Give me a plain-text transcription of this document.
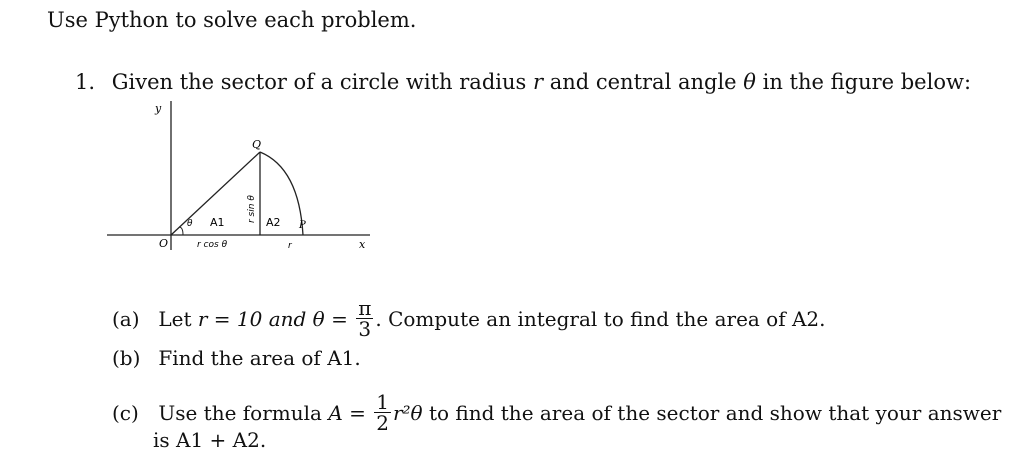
Use Python to solve each problem.
1. Given the sector of a circle with radius r and central angle θ in the figure below:
y
x
O
Q
P
θ A1	A2
r cos θ	r
r sin θ
(a) Let r = 10 and $\theta = \frac{\pi}{3}$ . Compute an integral to find the area of A2.
(b) Find the area of A1.
(c) Use the formula $A = \frac{1}{2} r^2\theta$ to find the area of the sector and show that your answer
is A1 + A2.
